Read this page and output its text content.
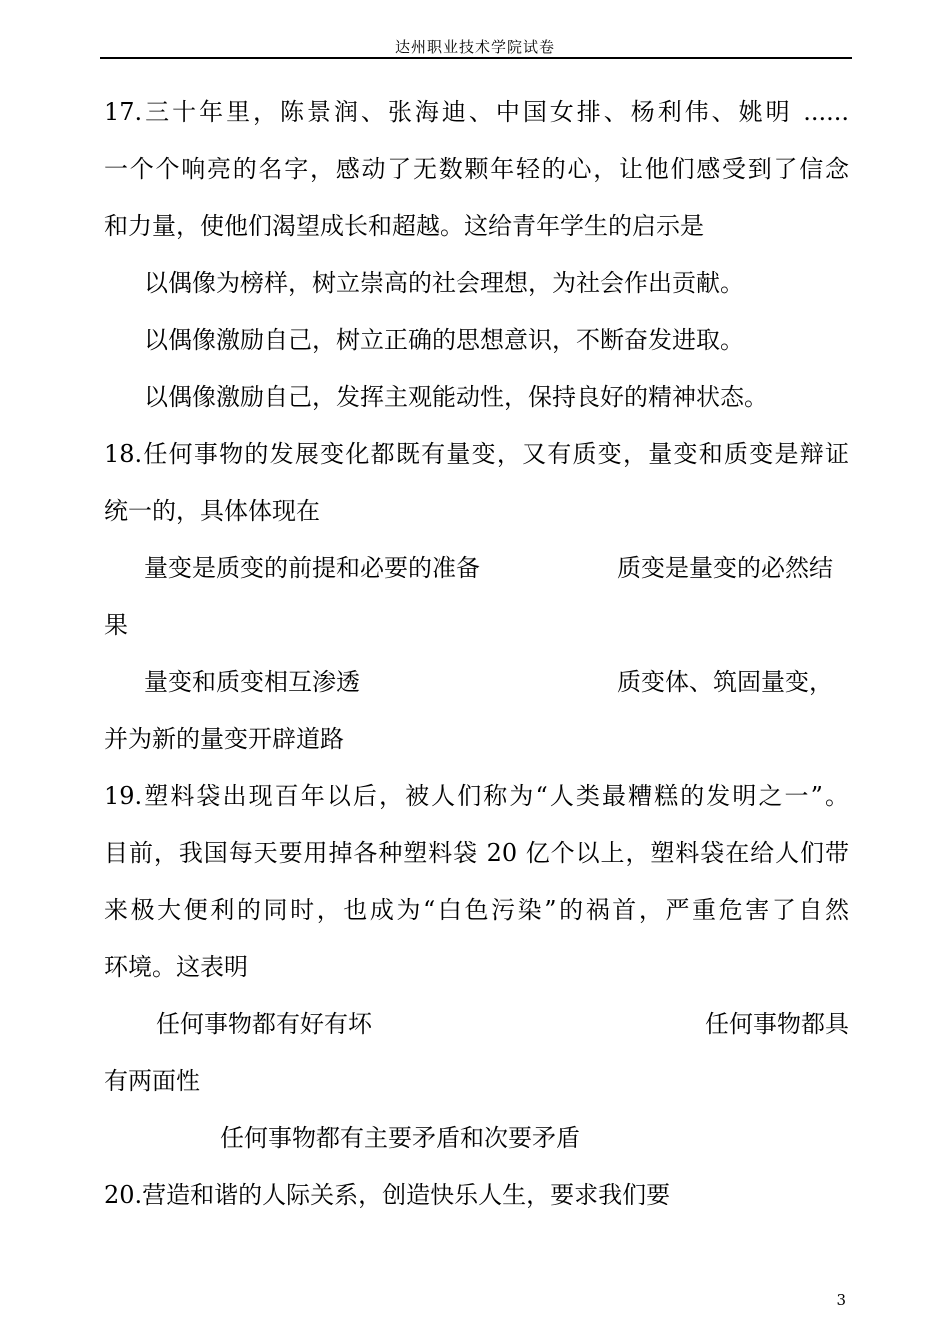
达州职业技术学院试卷
17.三十年里，陈景润、张海迪、中国女排、杨利伟、姚明 ......
一个个响亮的名字，感动了无数颗年轻的心，让他们感受到了信念
和力量，使他们渴望成长和超越。这给青年学生的启示是
以偶像为榜样，树立崇高的社会理想，为社会作出贡献。
以偶像激励自己，树立正确的思想意识，不断奋发进取。
以偶像激励自己，发挥主观能动性，保持良好的精神状态。
18.任何事物的发展变化都既有量变，又有质变，量变和质变是辩证
统一的，具体体现在
量变是质变的前提和必要的准备	质变是量变的必然结
果
量变和质变相互渗透	质变体、筑固量变，
并为新的量变开辟道路
19.塑料袋出现百年以后，被人们称为“人类最糟糕的发明之一”。
目前，我国每天要用掉各种塑料袋 20 亿个以上，塑料袋在给人们带
来极大便利的同时，也成为“白色污染”的祸首，严重危害了自然
环境。这表明
任何事物都有好有坏	任何事物都具
有两面性
任何事物都有主要矛盾和次要矛盾
20.营造和谐的人际关系，创造快乐人生，要求我们要
3
